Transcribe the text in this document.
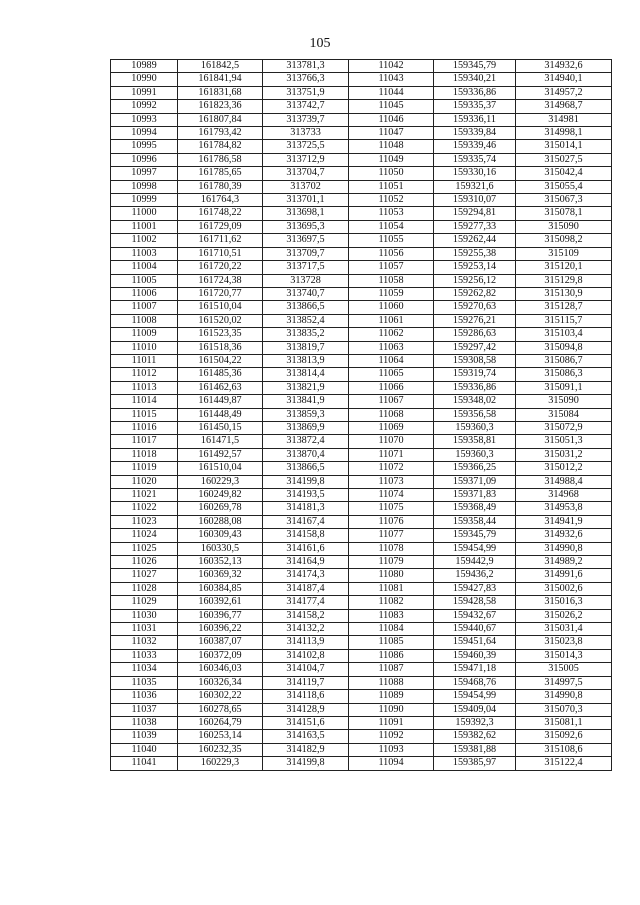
105
10989	161842,5	313781,3	11042	159345,79	314932,6
10990	161841,94	313766,3	11043	159340,21	314940,1
10991	161831,68	313751,9	11044	159336,86	314957,2
10992	161823,36	313742,7	11045	159335,37	314968,7
10993	161807,84	313739,7	11046	159336,11	314981
10994	161793,42	313733	11047	159339,84	314998,1
10995	161784,82	313725,5	11048	159339,46	315014,1
10996	161786,58	313712,9	11049	159335,74	315027,5
10997	161785,65	313704,7	11050	159330,16	315042,4
10998	161780,39	313702	11051	159321,6	315055,4
10999	161764,3	313701,1	11052	159310,07	315067,3
11000	161748,22	313698,1	11053	159294,81	315078,1
11001	161729,09	313695,3	11054	159277,33	315090
11002	161711,62	313697,5	11055	159262,44	315098,2
11003	161710,51	313709,7	11056	159255,38	315109
11004	161720,22	313717,5	11057	159253,14	315120,1
11005	161724,38	313728	11058	159256,12	315129,8
11006	161720,77	313740,7	11059	159262,82	315130,9
11007	161510,04	313866,5	11060	159270,63	315128,7
11008	161520,02	313852,4	11061	159276,21	315115,7
11009	161523,35	313835,2	11062	159286,63	315103,4
11010	161518,36	313819,7	11063	159297,42	315094,8
11011	161504,22	313813,9	11064	159308,58	315086,7
11012	161485,36	313814,4	11065	159319,74	315086,3
11013	161462,63	313821,9	11066	159336,86	315091,1
11014	161449,87	313841,9	11067	159348,02	315090
11015	161448,49	313859,3	11068	159356,58	315084
11016	161450,15	313869,9	11069	159360,3	315072,9
11017	161471,5	313872,4	11070	159358,81	315051,3
11018	161492,57	313870,4	11071	159360,3	315031,2
11019	161510,04	313866,5	11072	159366,25	315012,2
11020	160229,3	314199,8	11073	159371,09	314988,4
11021	160249,82	314193,5	11074	159371,83	314968
11022	160269,78	314181,3	11075	159368,49	314953,8
11023	160288,08	314167,4	11076	159358,44	314941,9
11024	160309,43	314158,8	11077	159345,79	314932,6
11025	160330,5	314161,6	11078	159454,99	314990,8
11026	160352,13	314164,9	11079	159442,9	314989,2
11027	160369,32	314174,3	11080	159436,2	314991,6
11028	160384,85	314187,4	11081	159427,83	315002,6
11029	160392,61	314177,4	11082	159428,58	315016,3
11030	160396,77	314158,2	11083	159432,67	315026,2
11031	160396,22	314132,2	11084	159440,67	315031,4
11032	160387,07	314113,9	11085	159451,64	315023,8
11033	160372,09	314102,8	11086	159460,39	315014,3
11034	160346,03	314104,7	11087	159471,18	315005
11035	160326,34	314119,7	11088	159468,76	314997,5
11036	160302,22	314118,6	11089	159454,99	314990,8
11037	160278,65	314128,9	11090	159409,04	315070,3
11038	160264,79	314151,6	11091	159392,3	315081,1
11039	160253,14	314163,5	11092	159382,62	315092,6
11040	160232,35	314182,9	11093	159381,88	315108,6
11041	160229,3	314199,8	11094	159385,97	315122,4
